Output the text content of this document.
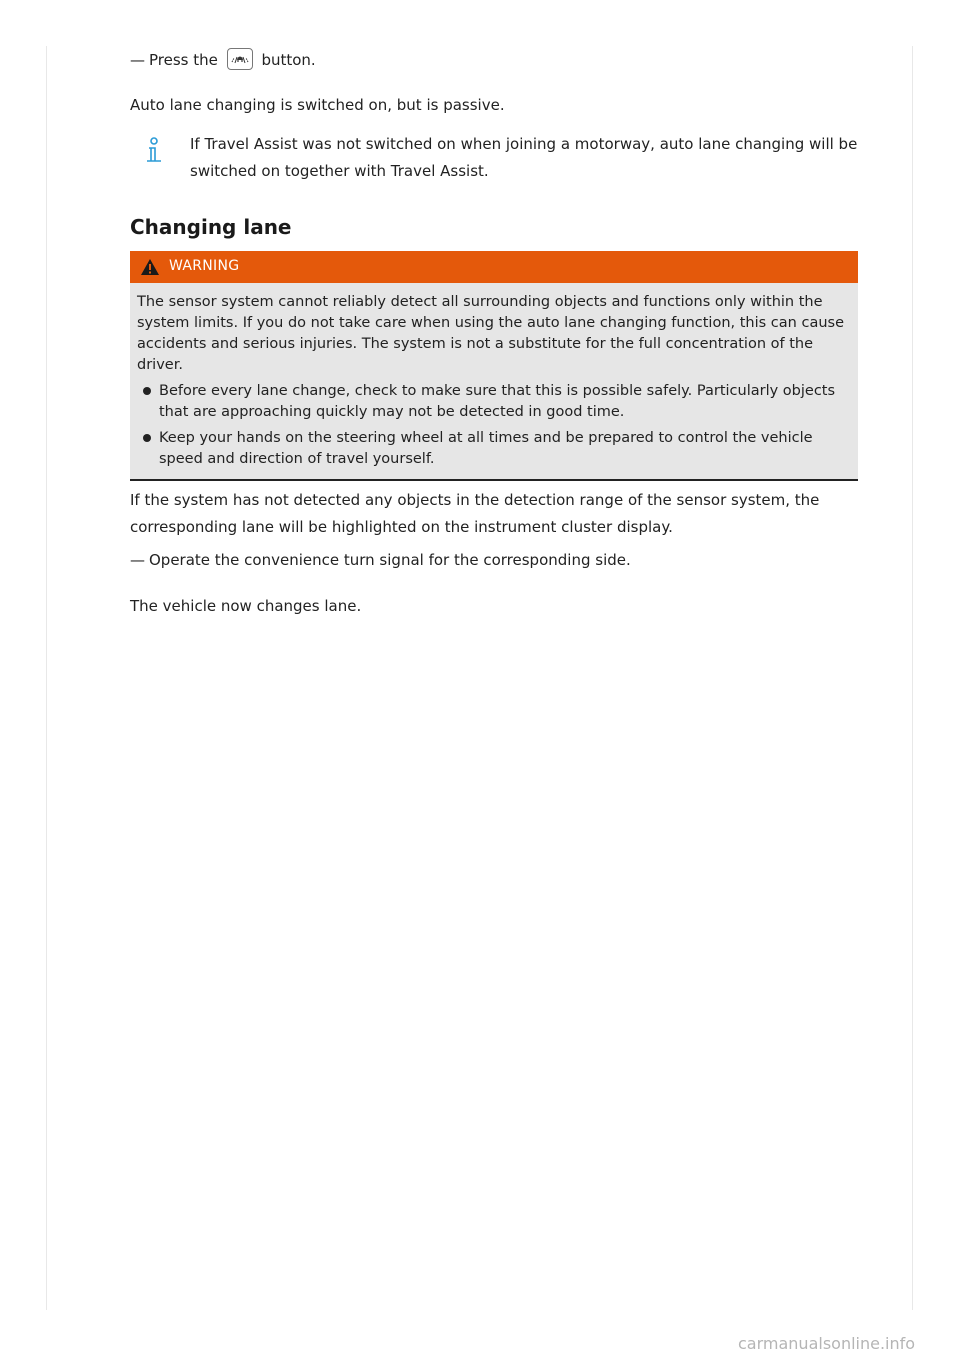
— Press the	button.
Auto lane changing is switched on, but is passive.
If Travel Assist was not switched on when joining a motorway, auto lane changing will be switched on together with Travel Assist.
Changing lane
WARNING
The sensor system cannot reliably detect all surrounding objects and functions only within the system limits. If you do not take care when using the auto lane changing function, this can cause accidents and serious injuries. The system is not a substitute for the full concentration of the driver.
Before every lane change, check to make sure that this is possible safely. Particularly objects that are approaching quickly may not be detected in good time.
Keep your hands on the steering wheel at all times and be prepared to control the vehicle speed and direction of travel yourself.
If the system has not detected any objects in the detection range of the sensor system, the corresponding lane will be highlighted on the instrument cluster display.
— Operate the convenience turn signal for the corresponding side.
The vehicle now changes lane.
carmanualsonline.info
